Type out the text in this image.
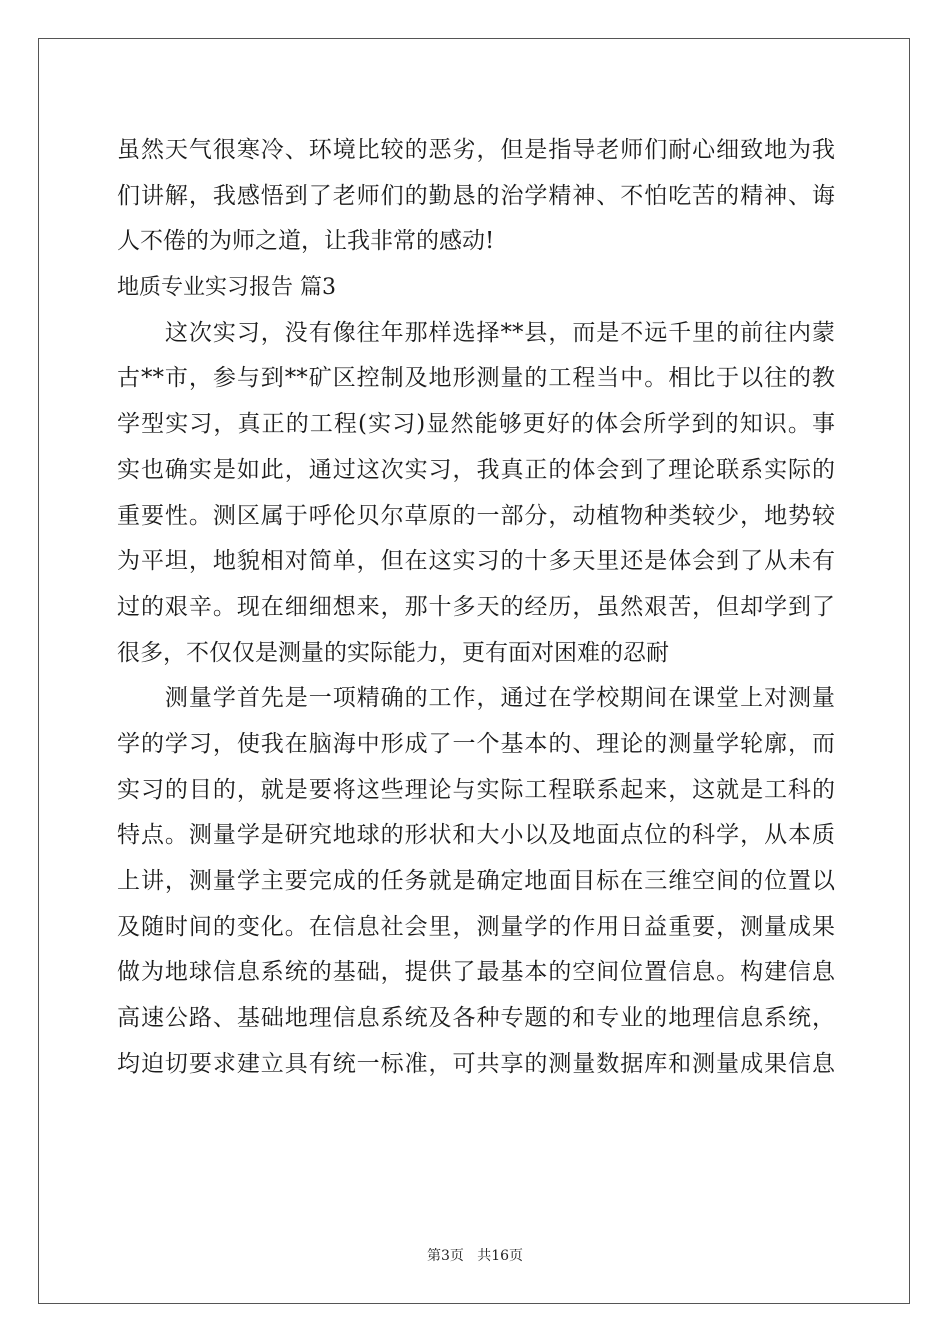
虽然天气很寒冷、环境比较的恶劣，但是指导老师们耐心细致地为我
们讲解，我感悟到了老师们的勤恳的治学精神、不怕吃苦的精神、诲
人不倦的为师之道，让我非常的感动!
地质专业实习报告 篇3
　　这次实习，没有像往年那样选择**县，而是不远千里的前往内蒙
古**市，参与到**矿区控制及地形测量的工程当中。相比于以往的教
学型实习，真正的工程(实习)显然能够更好的体会所学到的知识。事
实也确实是如此，通过这次实习，我真正的体会到了理论联系实际的
重要性。测区属于呼伦贝尔草原的一部分，动植物种类较少，地势较
为平坦，地貌相对简单，但在这实习的十多天里还是体会到了从未有
过的艰辛。现在细细想来，那十多天的经历，虽然艰苦，但却学到了
很多，不仅仅是测量的实际能力，更有面对困难的忍耐
　　测量学首先是一项精确的工作，通过在学校期间在课堂上对测量
学的学习，使我在脑海中形成了一个基本的、理论的测量学轮廓，而
实习的目的，就是要将这些理论与实际工程联系起来，这就是工科的
特点。测量学是研究地球的形状和大小以及地面点位的科学，从本质
上讲，测量学主要完成的任务就是确定地面目标在三维空间的位置以
及随时间的变化。在信息社会里，测量学的作用日益重要，测量成果
做为地球信息系统的基础，提供了最基本的空间位置信息。构建信息
高速公路、基础地理信息系统及各种专题的和专业的地理信息系统，
均迫切要求建立具有统一标准，可共享的测量数据库和测量成果信息
第3页   共16页
